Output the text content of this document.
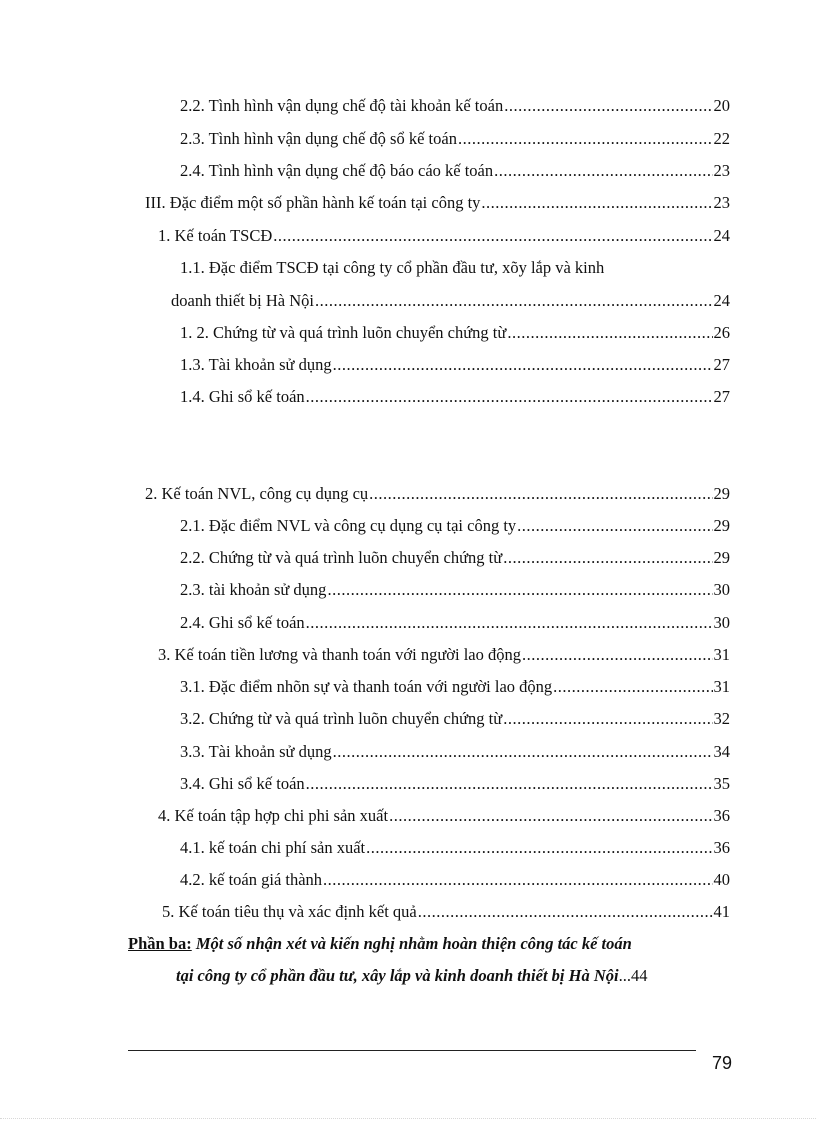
2.2. Tình hình vận dụng chế độ tài khoản kế toán .....	20
2.3. Tình hình vận dụng chế độ sổ kế toán .....	22
2.4. Tình hình vận dụng chế độ báo cáo kế toán .....	23
III. Đặc điểm một số phần hành kế toán tại công ty .....	23
1. Kế toán TSCĐ .....	24
1.1. Đặc điểm TSCĐ tại công ty cổ phần đầu tư, xõy lắp và kinh
doanh thiết bị Hà Nội .....	24
1. 2. Chứng từ và quá trình luõn chuyển chứng từ .....	26
1.3. Tài khoản sử dụng .....	27
1.4. Ghi sổ kế toán .....	27
2. Kế toán NVL, công cụ dụng cụ .....	29
2.1. Đặc điểm NVL và công cụ dụng cụ tại công ty .....	29
2.2. Chứng từ và quá trình luõn chuyển chứng từ .....	29
2.3. tài khoản sử dụng .....	30
2.4. Ghi sổ kế toán .....	30
3. Kế toán tiền lương và thanh toán với người lao động .....	31
3.1. Đặc điểm nhõn sự và thanh toán với người lao động .....	31
3.2. Chứng từ và quá trình luõn chuyển chứng từ .....	32
3.3. Tài khoản sử dụng .....	34
3.4. Ghi sổ kế toán .....	35
4. Kế toán tập hợp chi phi sản xuất .....	36
4.1. kế toán chi phí sản xuất .....	36
4.2. kế toán giá thành .....	40
5. Kế toán tiêu thụ và xác định kết quả .....	41
Phần ba: Một số nhận xét và kiến nghị nhằm hoàn thiện công tác kế toán
tại công ty cổ phần đầu tư, xây lắp và kinh doanh thiết bị Hà Nội...44
79
